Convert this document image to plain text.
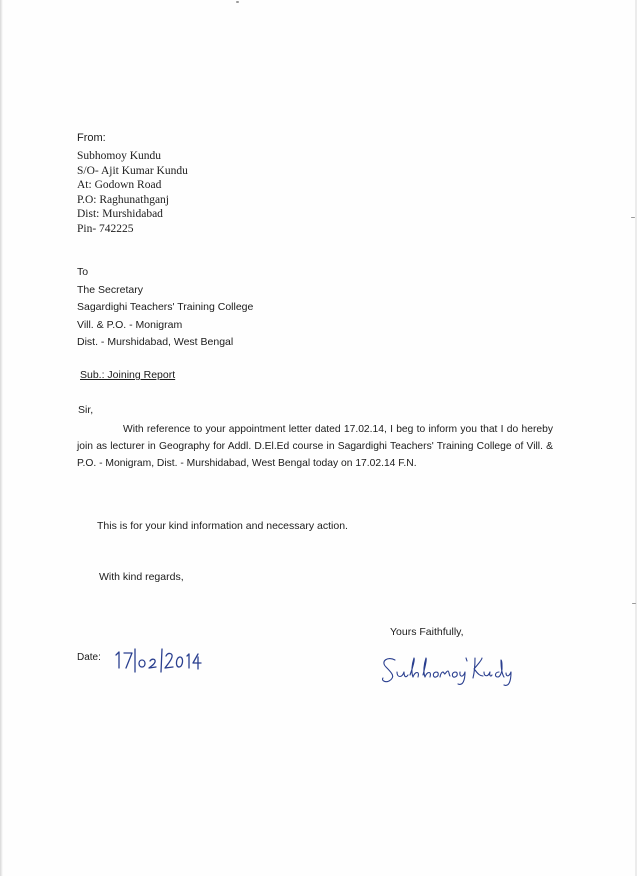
From:
Subhomoy Kundu
S/O- Ajit Kumar Kundu
At: Godown Road
P.O: Raghunathganj
Dist: Murshidabad
Pin- 742225
To
The Secretary
Sagardighi Teachers' Training College
Vill. & P.O. - Monigram
Dist. - Murshidabad, West Bengal
Sub.: Joining Report
Sir,
With reference to your appointment letter dated 17.02.14, I beg to inform you that I do hereby join as lecturer in Geography for Addl. D.El.Ed course in Sagardighi Teachers' Training College of Vill. & P.O. - Monigram, Dist. - Murshidabad, West Bengal today on 17.02.14 F.N.
This is for your kind information and necessary action.
With kind regards,
Yours Faithfully,
Date:
